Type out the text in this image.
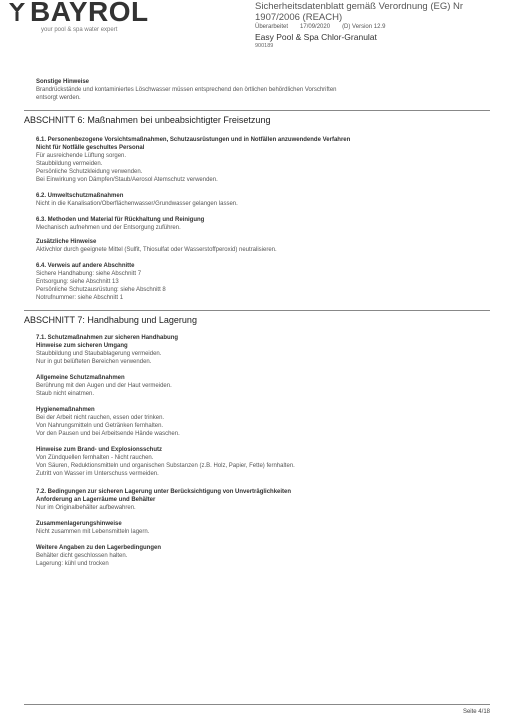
BAYROL
your pool & spa water expert
Sicherheitsdatenblatt gemäß Verordnung (EG) Nr 1907/2006 (REACH)
Überarbeitet 17/09/2020 (D) Version 12.9
Easy Pool & Spa Chlor-Granulat
900189
Sonstige Hinweise
Brandrückstände und kontaminiertes Löschwasser müssen entsprechend den örtlichen behördlichen Vorschriften
entsorgt werden.
ABSCHNITT 6: Maßnahmen bei unbeabsichtigter Freisetzung
6.1. Personenbezogene Vorsichtsmaßnahmen, Schutzausrüstungen und in Notfällen anzuwendende Verfahren
Nicht für Notfälle geschultes Personal
Für ausreichende Lüftung sorgen.
Staubbildung vermeiden.
Persönliche Schutzkleidung verwenden.
Bei Einwirkung von Dämpfen/Staub/Aerosol Atemschutz verwenden.
6.2. Umweltschutzmaßnahmen
Nicht in die Kanalisation/Oberflächenwasser/Grundwasser gelangen lassen.
6.3. Methoden und Material für Rückhaltung und Reinigung
Mechanisch aufnehmen und der Entsorgung zuführen.
Zusätzliche Hinweise
Aktivchlor durch geeignete Mittel (Sulfit, Thiosulfat oder Wasserstoffperoxid) neutralisieren.
6.4. Verweis auf andere Abschnitte
Sichere Handhabung: siehe Abschnitt 7
Entsorgung: siehe Abschnitt 13
Persönliche Schutzausrüstung: siehe Abschnitt 8
Notrufnummer: siehe Abschnitt 1
ABSCHNITT 7: Handhabung und Lagerung
7.1. Schutzmaßnahmen zur sicheren Handhabung
Hinweise zum sicheren Umgang
Staubbildung und Staubablagerung vermeiden.
Nur in gut belüfteten Bereichen verwenden.
Allgemeine Schutzmaßnahmen
Berührung mit den Augen und der Haut vermeiden.
Staub nicht einatmen.
Hygienemaßnahmen
Bei der Arbeit nicht rauchen, essen oder trinken.
Von Nahrungsmitteln und Getränken fernhalten.
Vor den Pausen und bei Arbeitsende Hände waschen.
Hinweise zum Brand- und Explosionsschutz
Von Zündquellen fernhalten - Nicht rauchen.
Von Säuren, Reduktionsmitteln und organischen Substanzen (z.B. Holz, Papier, Fette) fernhalten.
Zutritt von Wasser im Unterschuss vermeiden.
7.2. Bedingungen zur sicheren Lagerung unter Berücksichtigung von Unverträglichkeiten
Anforderung an Lagerräume und Behälter
Nur im Originalbehälter aufbewahren.
Zusammenlagerungshinweise
Nicht zusammen mit Lebensmitteln lagern.
Weitere Angaben zu den Lagerbedingungen
Behälter dicht geschlossen halten.
Lagerung: kühl und trocken
Seite 4/18
